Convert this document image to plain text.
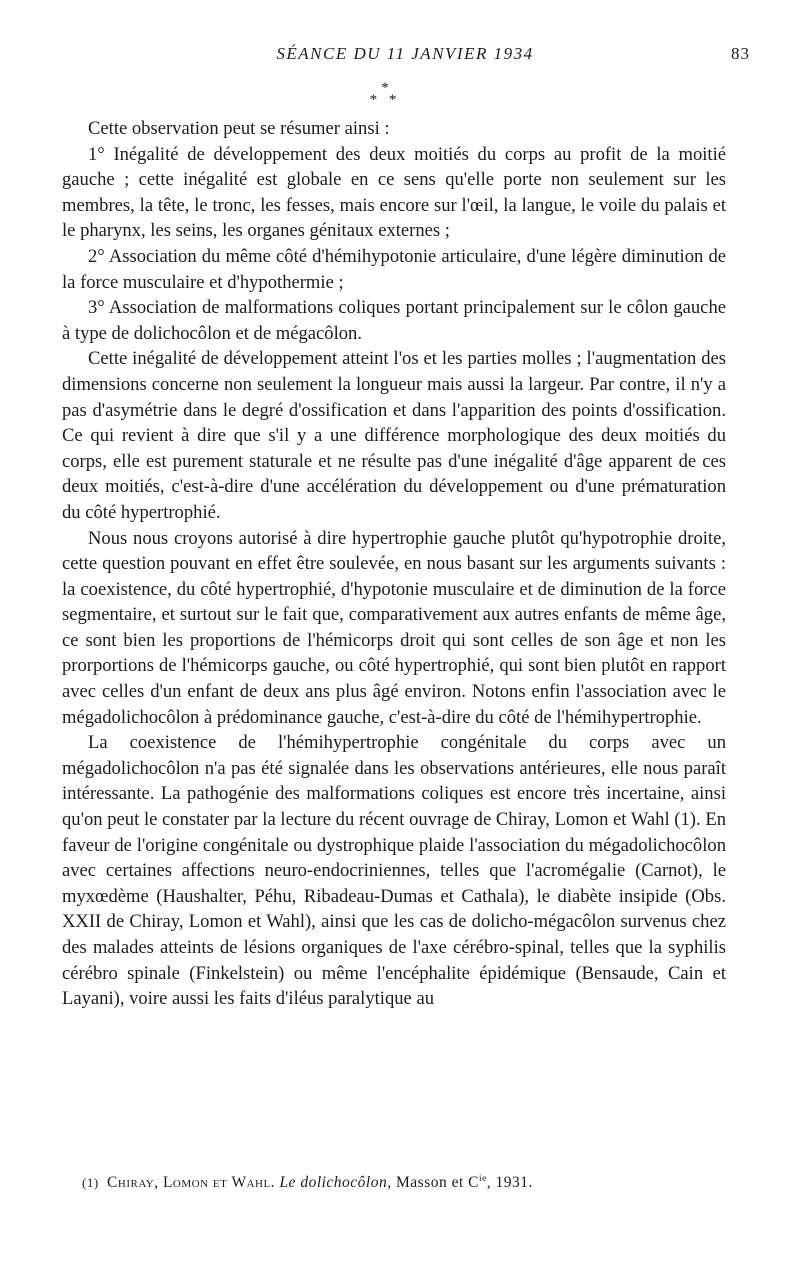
SÉANCE DU 11 JANVIER 1934	83
*
* *

Cette observation peut se résumer ainsi :

1° Inégalité de développement des deux moitiés du corps au profit de la moitié gauche ; cette inégalité est globale en ce sens qu'elle porte non seulement sur les membres, la tête, le tronc, les fesses, mais encore sur l'œil, la langue, le voile du palais et le pharynx, les seins, les organes génitaux externes ;

2° Association du même côté d'hémihypotonie articulaire, d'une légère diminution de la force musculaire et d'hypothermie ;

3° Association de malformations coliques portant principalement sur le côlon gauche à type de dolichocôlon et de mégacôlon.

Cette inégalité de développement atteint l'os et les parties molles ; l'augmentation des dimensions concerne non seulement la longueur mais aussi la largeur. Par contre, il n'y a pas d'asymétrie dans le degré d'ossification et dans l'apparition des points d'ossification. Ce qui revient à dire que s'il y a une différence morphologique des deux moitiés du corps, elle est purement staturale et ne résulte pas d'une inégalité d'âge apparent de ces deux moitiés, c'est-à-dire d'une accélération du développement ou d'une prématuration du côté hypertrophié.

Nous nous croyons autorisé à dire hypertrophie gauche plutôt qu'hypotrophie droite, cette question pouvant en effet être soulevée, en nous basant sur les arguments suivants : la coexistence, du côté hypertrophié, d'hypotonie musculaire et de diminution de la force segmentaire, et surtout sur le fait que, comparativement aux autres enfants de même âge, ce sont bien les proportions de l'hémicorps droit qui sont celles de son âge et non les prorportions de l'hémicorps gauche, ou côté hypertrophié, qui sont bien plutôt en rapport avec celles d'un enfant de deux ans plus âgé environ. Notons enfin l'association avec le mégadolichocôlon à prédominance gauche, c'est-à-dire du côté de l'hémihypertrophie.

La coexistence de l'hémihypertrophie congénitale du corps avec un mégadolichocôlon n'a pas été signalée dans les observations antérieures, elle nous paraît intéressante. La pathogénie des malformations coliques est encore très incertaine, ainsi qu'on peut le constater par la lecture du récent ouvrage de Chiray, Lomon et Wahl (1). En faveur de l'origine congénitale ou dystrophique plaide l'association du mégadolichocôlon avec certaines affections neuro-endocriniennes, telles que l'acromégalie (Carnot), le myxœdème (Haushalter, Péhu, Ribadeau-Dumas et Cathala), le diabète insipide (Obs. XXII de Chiray, Lomon et Wahl), ainsi que les cas de dolicho-mégacôlon survenus chez des malades atteints de lésions organiques de l'axe cérébro-spinal, telles que la syphilis cérébro spinale (Finkelstein) ou même l'encéphalite épidémique (Bensaude, Cain et Layani), voire aussi les faits d'iléus paralytique au

(1) Chiray, Lomon et Wahl. Le dolichocôlon, Masson et $C^{ie}$, 1931.
